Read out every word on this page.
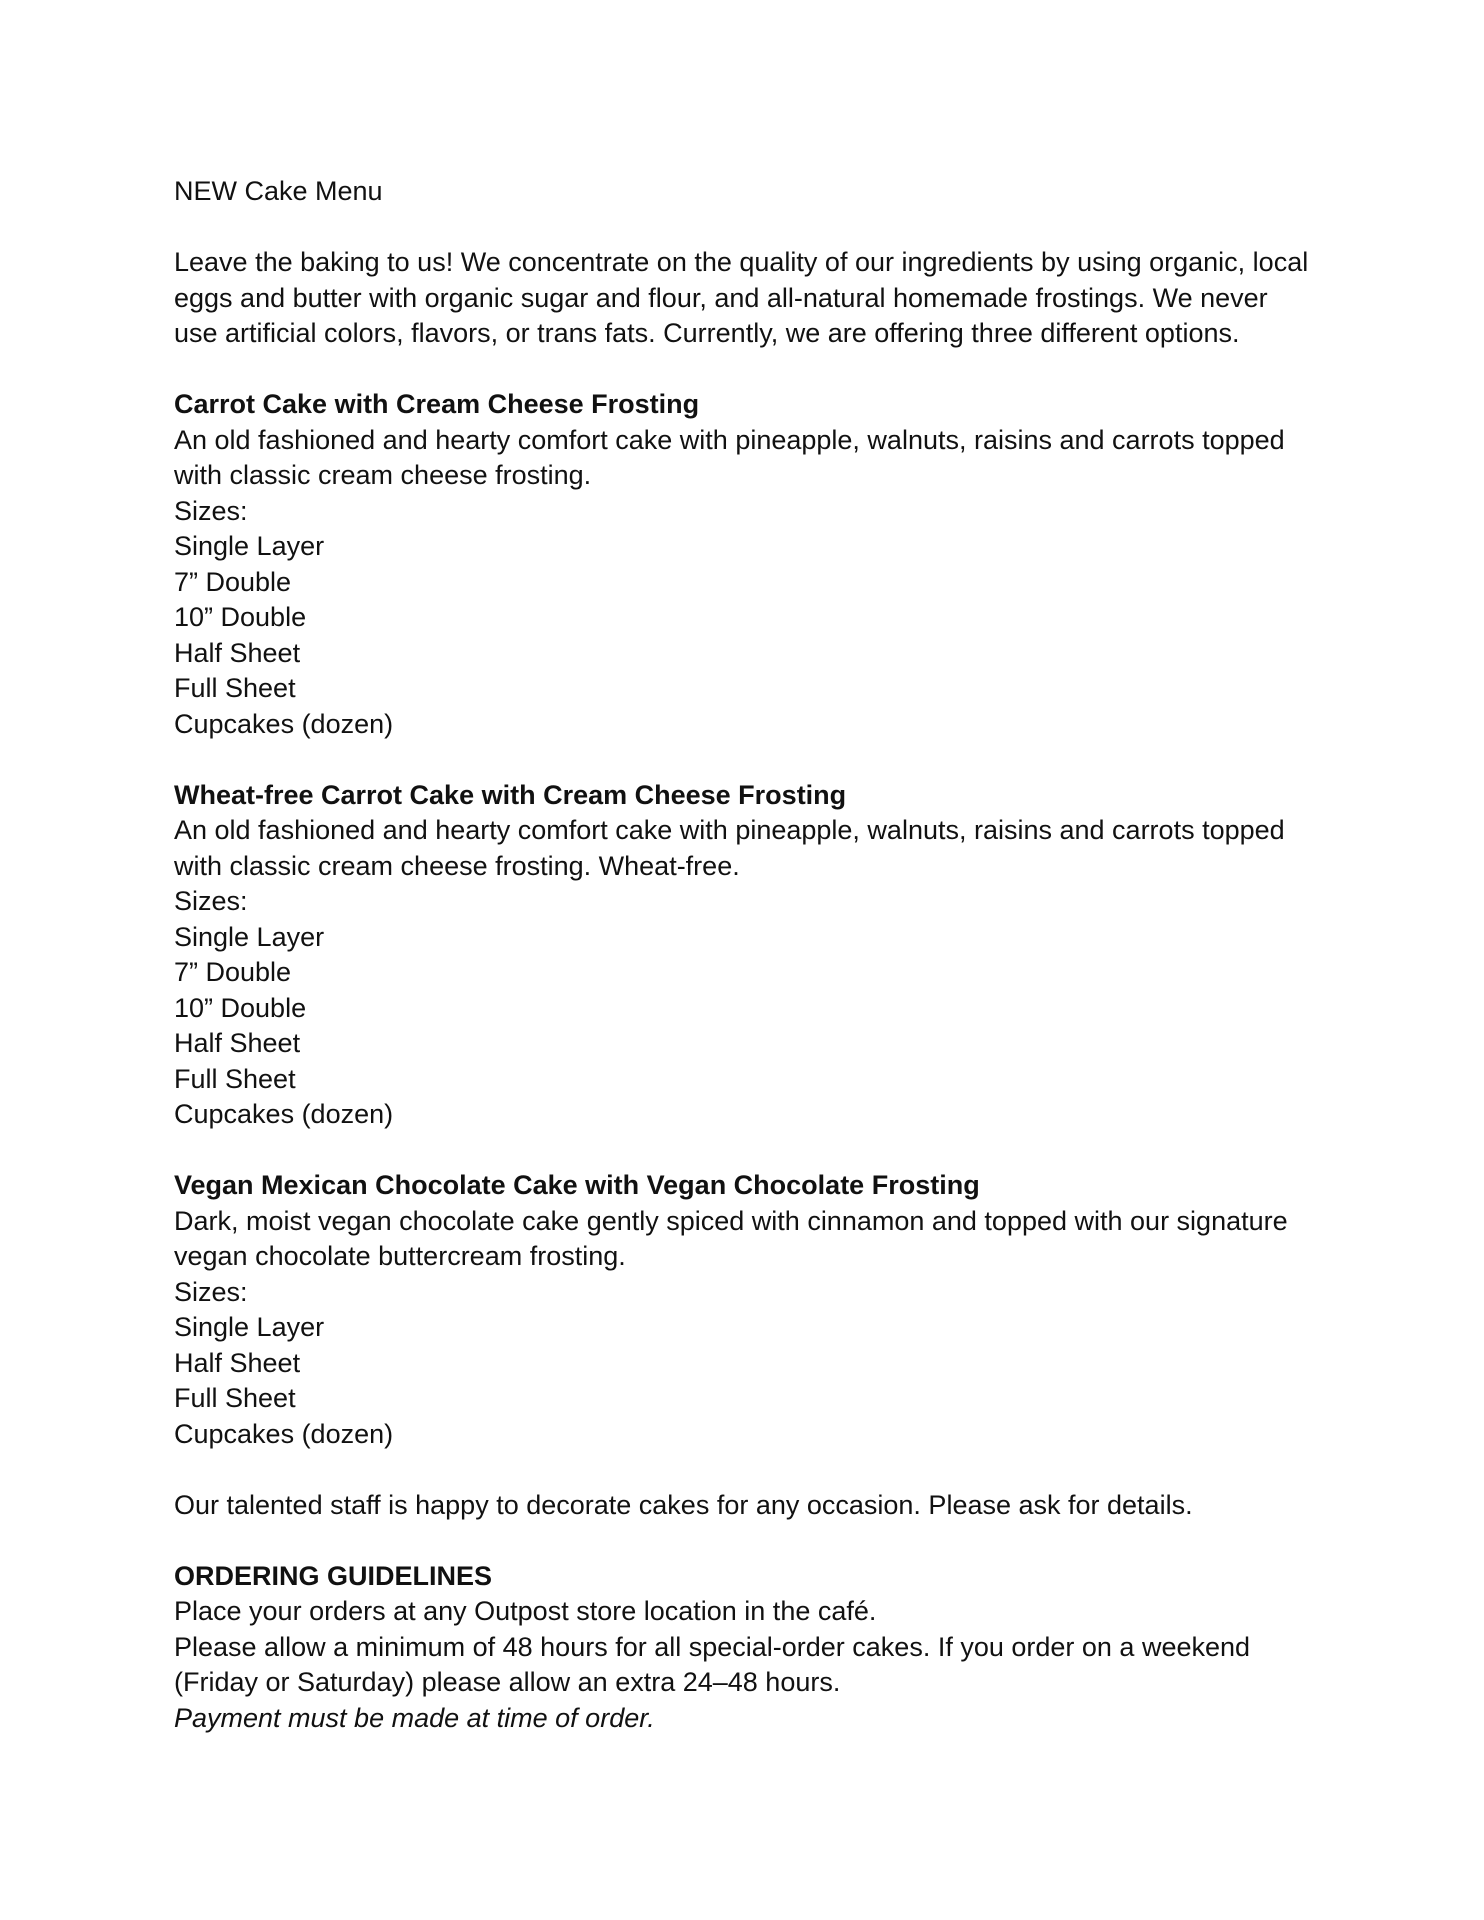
NEW Cake Menu

Leave the baking to us! We concentrate on the quality of our ingredients by using organic, local eggs and butter with organic sugar and flour, and all-natural homemade frostings. We never use artificial colors, flavors, or trans fats. Currently, we are offering three different options.

Carrot Cake with Cream Cheese Frosting

An old fashioned and hearty comfort cake with pineapple, walnuts, raisins and carrots topped with classic cream cheese frosting.

Sizes:

Single Layer
7” Double
10” Double
Half Sheet
Full Sheet
Cupcakes (dozen)

Wheat-free Carrot Cake with Cream Cheese Frosting

An old fashioned and hearty comfort cake with pineapple, walnuts, raisins and carrots topped with classic cream cheese frosting. Wheat-free.

Sizes:

Single Layer
7” Double
10” Double
Half Sheet
Full Sheet
Cupcakes (dozen)

Vegan Mexican Chocolate Cake with Vegan Chocolate Frosting

Dark, moist vegan chocolate cake gently spiced with cinnamon and topped with our signature vegan chocolate buttercream frosting.

Sizes:

Single Layer
Half Sheet
Full Sheet
Cupcakes (dozen)

Our talented staff is happy to decorate cakes for any occasion. Please ask for details.

ORDERING GUIDELINES

Place your orders at any Outpost store location in the café.

Please allow a minimum of 48 hours for all special-order cakes. If you order on a weekend (Friday or Saturday) please allow an extra 24–48 hours.

Payment must be made at time of order.
